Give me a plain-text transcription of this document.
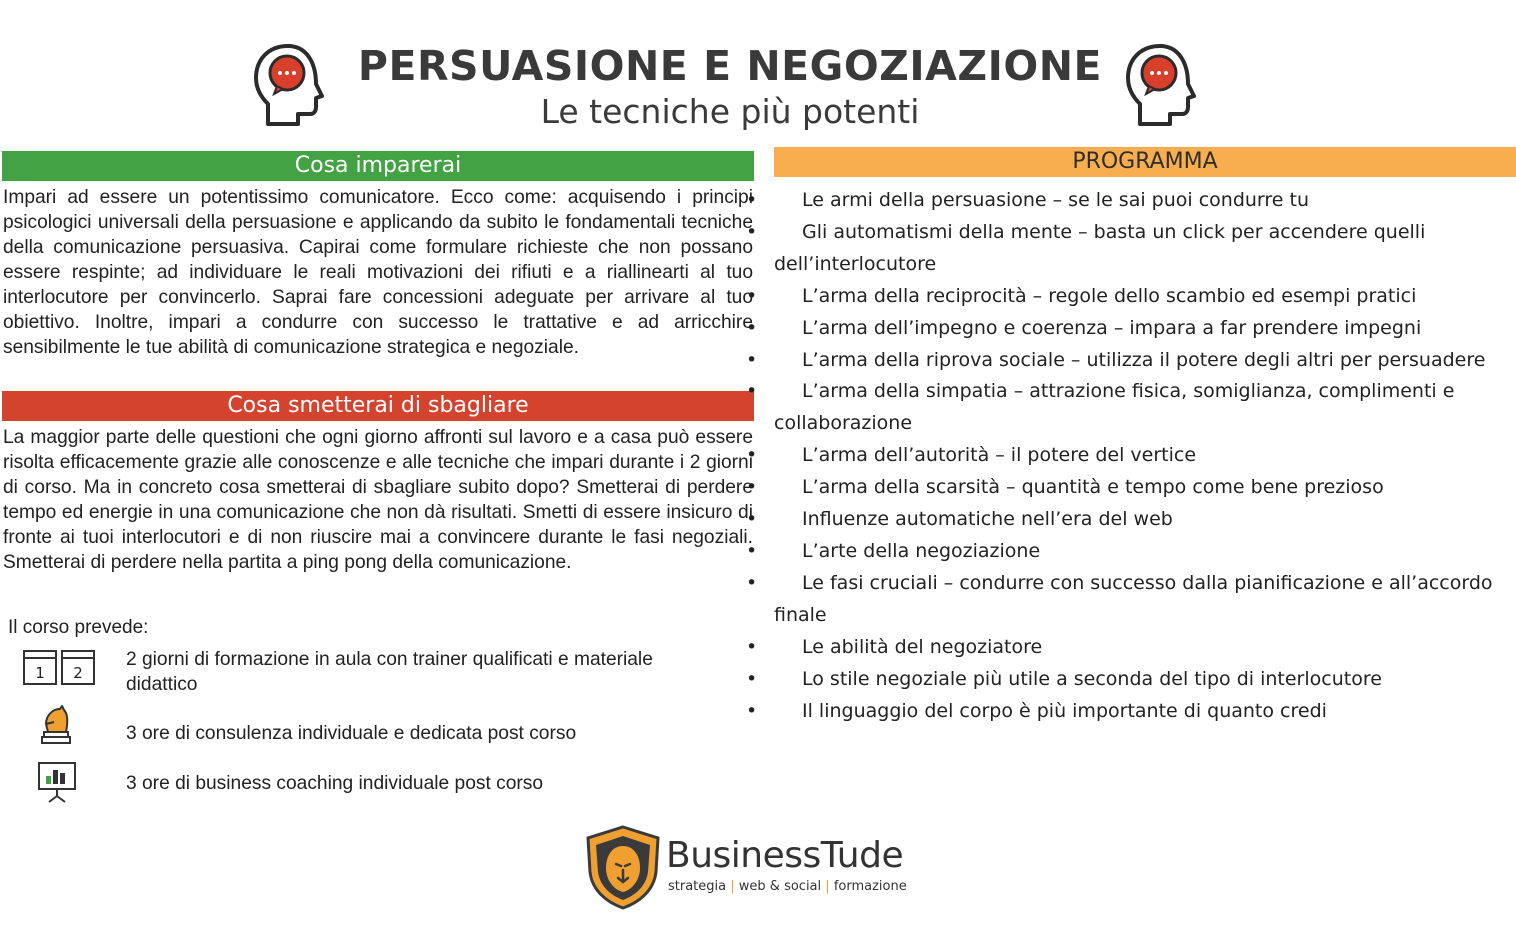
PERSUASIONE E NEGOZIAZIONE
Le tecniche più potenti
Cosa imparerai
Impari ad essere un potentissimo comunicatore. Ecco come: acquisendo i principi psicologici universali della persuasione e applicando da subito le fondamentali tecniche della comunicazione persuasiva. Capirai come formulare richieste che non possano essere respinte; ad individuare le reali motivazioni dei rifiuti e a riallinearti al tuo interlocutore per convincerlo. Saprai fare concessioni adeguate per arrivare al tuo obiettivo. Inoltre, impari a condurre con successo le trattative e ad arricchire sensibilmente le tue abilità di comunicazione strategica e negoziale.
Cosa smetterai di sbagliare
La maggior parte delle questioni che ogni giorno affronti sul lavoro e a casa può essere risolta efficacemente grazie alle conoscenze e alle tecniche che impari durante i 2 giorni di corso. Ma in concreto cosa smetterai di sbagliare subito dopo? Smetterai di perdere tempo ed energie in una comunicazione che non dà risultati. Smetti di essere insicuro di fronte ai tuoi interlocutori e di non riuscire mai a convincere durante le fasi negoziali. Smetterai di perdere nella partita a ping pong della comunicazione.
Il corso prevede:
1 2
2 giorni di formazione in aula con trainer qualificati e materiale didattico
3 ore di consulenza individuale e dedicata post corso
3 ore di business coaching individuale post corso
PROGRAMMA
•
Le armi della persuasione – se le sai puoi condurre tu
•
Gli automatismi della mente – basta un click per accendere quelli dell’interlocutore
•
L’arma della reciprocità – regole dello scambio ed esempi pratici
•
L’arma dell’impegno e coerenza – impara a far prendere impegni
•
L’arma della riprova sociale – utilizza il potere degli altri per persuadere
•
L’arma della simpatia – attrazione fisica, somiglianza, complimenti e collaborazione
•
L’arma dell’autorità – il potere del vertice
•
L’arma della scarsità – quantità e tempo come bene prezioso
•
Influenze automatiche nell’era del web
•
L’arte della negoziazione
•
Le fasi cruciali – condurre con successo dalla pianificazione e all’accordo finale
•
Le abilità del negoziatore
•
Lo stile negoziale più utile a seconda del tipo di interlocutore
•
Il linguaggio del corpo è più importante di quanto credi
BusinessTude
strategia | web & social | formazione
